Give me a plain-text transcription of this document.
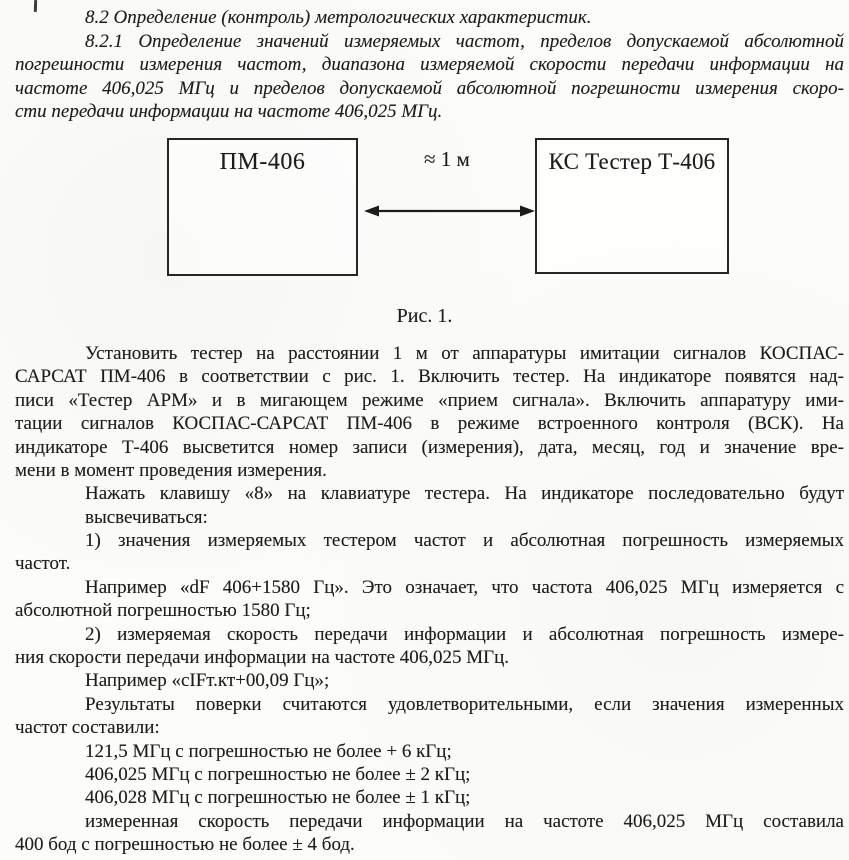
8.2 Определение (контроль) метрологических характеристик.
8.2.1 Определение значений измеряемых частот, пределов допускаемой абсолютной
погрешности измерения частот, диапазона измеряемой скорости передачи информации на
частоте 406,025 МГц и пределов допускаемой абсолютной погрешности измерения скоро-
сти передачи информации на частоте 406,025 МГц.
ПМ-406	≈ 1 м	КС Тестер Т-406
Рис. 1.
Установить тестер на расстоянии 1 м от аппаратуры имитации сигналов КОСПАС-
САРСАТ ПМ-406 в соответствии с рис. 1. Включить тестер. На индикаторе появятся над-
писи «Тестер АРМ» и в мигающем режиме «прием сигнала». Включить аппаратуру ими-
тации сигналов КОСПАС-САРСАТ ПМ-406 в режиме встроенного контроля (ВСК). На
индикаторе Т-406 высветится номер записи (измерения), дата, месяц, год и значение вре-
мени в момент проведения измерения.
Нажать клавишу «8» на клавиатуре тестера. На индикаторе последовательно будут
высвечиваться:
1) значения измеряемых тестером частот и абсолютная погрешность измеряемых
частот.
Например «dF 406+1580 Гц». Это означает, что частота 406,025 МГц измеряется с
абсолютной погрешностью 1580 Гц;
2) измеряемая скорость передачи информации и абсолютная погрешность измере-
ния скорости передачи информации на частоте 406,025 МГц.
Например «сIFт.кт+00,09 Гц»;
Результаты поверки считаются удовлетворительными, если значения измеренных
частот составили:
121,5 МГц с погрешностью не более + 6 кГц;
406,025 МГц с погрешностью не более ± 2 кГц;
406,028 МГц с погрешностью не более ± 1 кГц;
измеренная скорость передачи информации на частоте 406,025 МГц составила
400 бод с погрешностью не более ± 4 бод.
